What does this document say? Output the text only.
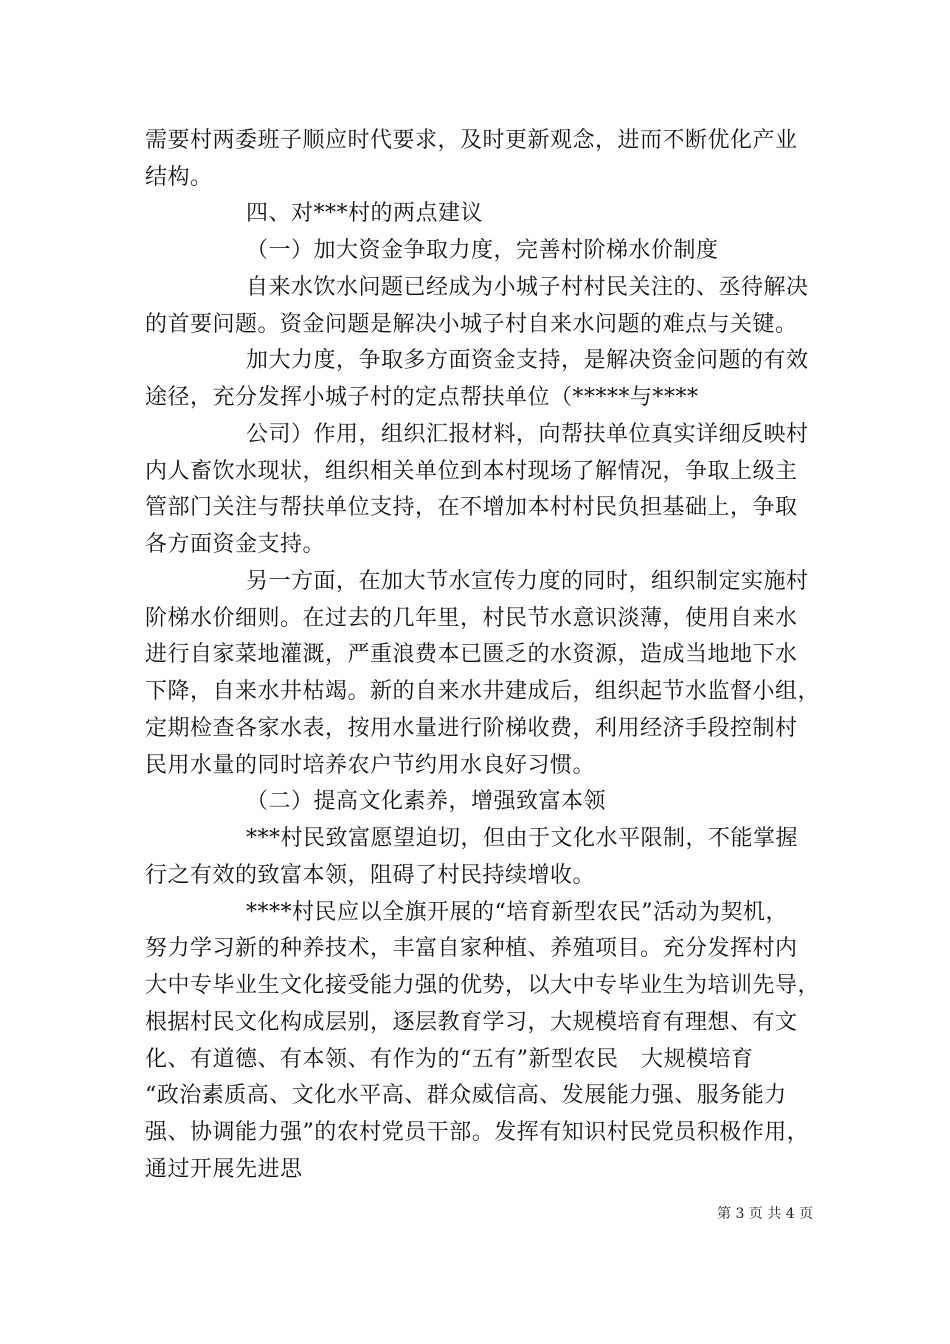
需要村两委班子顺应时代要求，及时更新观念，进而不断优化产业
结构。
四、对***村的两点建议
（一）加大资金争取力度，完善村阶梯水价制度
自来水饮水问题已经成为小城子村村民关注的、丞待解决
的首要问题。资金问题是解决小城子村自来水问题的难点与关键。
加大力度，争取多方面资金支持，是解决资金问题的有效
途径，充分发挥小城子村的定点帮扶单位（*****与****
公司）作用，组织汇报材料，向帮扶单位真实详细反映村
内人畜饮水现状，组织相关单位到本村现场了解情况，争取上级主
管部门关注与帮扶单位支持，在不增加本村村民负担基础上，争取
各方面资金支持。
另一方面，在加大节水宣传力度的同时，组织制定实施村
阶梯水价细则。在过去的几年里，村民节水意识淡薄，使用自来水
进行自家菜地灌溉，严重浪费本已匮乏的水资源，造成当地地下水
下降，自来水井枯竭。新的自来水井建成后，组织起节水监督小组，
定期检查各家水表，按用水量进行阶梯收费，利用经济手段控制村
民用水量的同时培养农户节约用水良好习惯。
（二）提高文化素养，增强致富本领
***村民致富愿望迫切，但由于文化水平限制，不能掌握
行之有效的致富本领，阻碍了村民持续增收。
****村民应以全旗开展的“培育新型农民”活动为契机，
努力学习新的种养技术，丰富自家种植、养殖项目。充分发挥村内
大中专毕业生文化接受能力强的优势，以大中专毕业生为培训先导，
根据村民文化构成层别，逐层教育学习，大规模培育有理想、有文
化、有道德、有本领、有作为的“五有”新型农民　大规模培育
“政治素质高、文化水平高、群众威信高、发展能力强、服务能力
强、协调能力强”的农村党员干部。发挥有知识村民党员积极作用，
通过开展先进思
第 3 页 共 4 页
